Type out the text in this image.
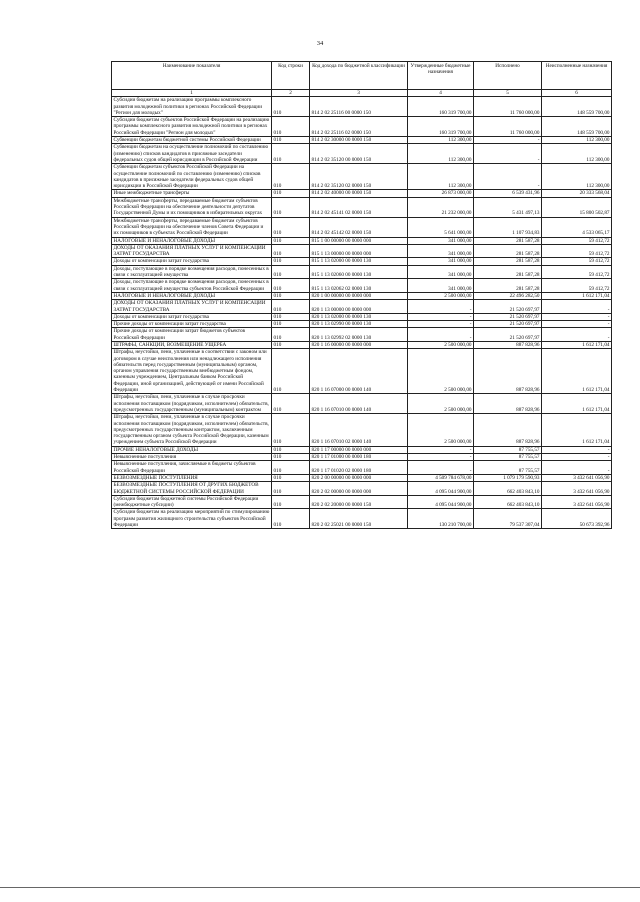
34
Наименование показателя	Код строки	Код дохода по бюджетной классификации	Утвержденные бюджетные назначения	Исполнено	Неисполненные назначения
1	2	3	4	5	6
Субсидии бюджетам на реализацию программы комплексного развития молодежной политики в регионах Российской Федерации "Регион для молодых"	010	814 2 02 25116 00 0000 150	160 319 700,00	11 760 000,00	148 559 700,00
Субсидии бюджетам субъектов Российской Федерации на реализацию программы комплексного развития молодежной политики в регионах Российской Федерации "Регион для молодых"	010	814 2 02 25116 02 0000 150	160 319 700,00	11 760 000,00	148 559 700,00
Субвенции бюджетам бюджетной системы Российской Федерации	010	814 2 02 30000 00 0000 150	112 300,00	-	112 300,00
Субвенции бюджетам на осуществление полномочий по составлению (изменению) списков кандидатов в присяжные заседатели федеральных судов общей юрисдикции в Российской Федерации	010	814 2 02 35120 00 0000 150	112 300,00	-	112 300,00
Субвенции бюджетам субъектов Российской Федерации на осуществление полномочий по составлению (изменению) списков кандидатов в присяжные заседатели федеральных судов общей юрисдикции в Российской Федерации	010	814 2 02 35120 02 0000 150	112 300,00	-	112 300,00
Иные межбюджетные трансферты	010	814 2 02 40000 00 0000 150	26 873 000,00	6 539 431,96	20 333 568,04
Межбюджетные трансферты, передаваемые бюджетам субъектов Российской Федерации на обеспечение деятельности депутатов Государственной Думы и их помощников в избирательных округах	010	814 2 02 45141 02 0000 150	21 232 000,00	5 431 497,13	15 800 502,87
Межбюджетные трансферты, передаваемые бюджетам субъектов Российской Федерации на обеспечение членов Совета Федерации и их помощников в субъектах Российской Федерации	010	814 2 02 45142 02 0000 150	5 641 000,00	1 107 934,83	4 533 065,17
НАЛОГОВЫЕ И НЕНАЛОГОВЫЕ ДОХОДЫ	010	815 1 00 00000 00 0000 000	341 000,00	281 587,28	59 412,72
ДОХОДЫ ОТ ОКАЗАНИЯ ПЛАТНЫХ УСЛУГ И КОМПЕНСАЦИИ ЗАТРАТ ГОСУДАРСТВА	010	815 1 13 00000 00 0000 000	341 000,00	281 587,28	59 412,72
Доходы от компенсации затрат государства	010	815 1 13 02000 00 0000 130	341 000,00	281 587,28	59 412,72
Доходы, поступающие в порядке возмещения расходов, понесенных в связи с эксплуатацией имущества	010	815 1 13 02060 00 0000 130	341 000,00	281 587,28	59 412,72
Доходы, поступающие в порядке возмещения расходов, понесенных в связи с эксплуатацией имущества субъектов Российской Федерации	010	815 1 13 02062 02 0000 130	341 000,00	281 587,28	59 412,72
НАЛОГОВЫЕ И НЕНАЛОГОВЫЕ ДОХОДЫ	010	820 1 00 00000 00 0000 000	2 500 000,00	22 496 282,50	1 612 171,04
ДОХОДЫ ОТ ОКАЗАНИЯ ПЛАТНЫХ УСЛУГ И КОМПЕНСАЦИИ ЗАТРАТ ГОСУДАРСТВА	010	820 1 13 00000 00 0000 000	-	21 520 697,97	-
Доходы от компенсации затрат государства	010	820 1 13 02000 00 0000 130	-	21 520 697,97	-
Прочие доходы от компенсации затрат государства	010	820 1 13 02990 00 0000 130	-	21 520 697,97	-
Прочие доходы от компенсации затрат бюджетов субъектов Российской Федерации	010	820 1 13 02992 02 0000 130	-	21 520 697,97	-
ШТРАФЫ, САНКЦИИ, ВОЗМЕЩЕНИЕ УЩЕРБА	010	820 1 16 00000 00 0000 000	2 500 000,00	887 828,96	1 612 171,04
Штрафы, неустойки, пени, уплаченные в соответствии с законом или договором в случае неисполнения или ненадлежащего исполнения обязательств перед государственным (муниципальным) органом, органом управления государственным внебюджетным фондом, казенным учреждением, Центральным банком Российской Федерации, иной организацией, действующей от имени Российской Федерации	010	820 1 16 07000 00 0000 140	2 500 000,00	887 828,96	1 612 171,04
Штрафы, неустойки, пени, уплаченные в случае просрочки исполнения поставщиком (подрядчиком, исполнителем) обязательств, предусмотренных государственным (муниципальным) контрактом	010	820 1 16 07010 00 0000 140	2 500 000,00	887 828,96	1 612 171,04
Штрафы, неустойки, пени, уплаченные в случае просрочки исполнения поставщиком (подрядчиком, исполнителем) обязательств, предусмотренных государственным контрактом, заключенным государственным органом субъекта Российской Федерации, казенным учреждением субъекта Российской Федерации	010	820 1 16 07010 02 0000 140	2 500 000,00	887 828,96	1 612 171,04
ПРОЧИЕ НЕНАЛОГОВЫЕ ДОХОДЫ	010	820 1 17 00000 00 0000 000	-	87 755,57	-
Невыясненные поступления	010	820 1 17 01000 00 0000 180	-	87 755,57	-
Невыясненные поступления, зачисляемые в бюджеты субъектов Российской Федерации	010	820 1 17 01020 02 0000 180	-	87 755,57	-
БЕЗВОЗМЕЗДНЫЕ ПОСТУПЛЕНИЯ	010	820 2 00 00000 00 0000 000	4 509 784 678,00	1 079 179 590,93	3 432 641 056,90
БЕЗВОЗМЕЗДНЫЕ ПОСТУПЛЕНИЯ ОТ ДРУГИХ БЮДЖЕТОВ БЮДЖЕТНОЙ СИСТЕМЫ РОССИЙСКОЙ ФЕДЕРАЦИИ	010	820 2 02 00000 00 0000 000	4 095 044 900,00	662 403 843,10	3 432 641 056,90
Субсидии бюджетам бюджетной системы Российской Федерации (межбюджетные субсидии)	010	820 2 02 20000 00 0000 150	4 095 044 900,00	662 403 843,10	3 432 641 056,90
Субсидии бюджетам на реализацию мероприятий по стимулированию программ развития жилищного строительства субъектов Российской Федерации	010	820 2 02 25021 00 0000 150	130 210 700,00	79 537 307,04	50 673 392,96
